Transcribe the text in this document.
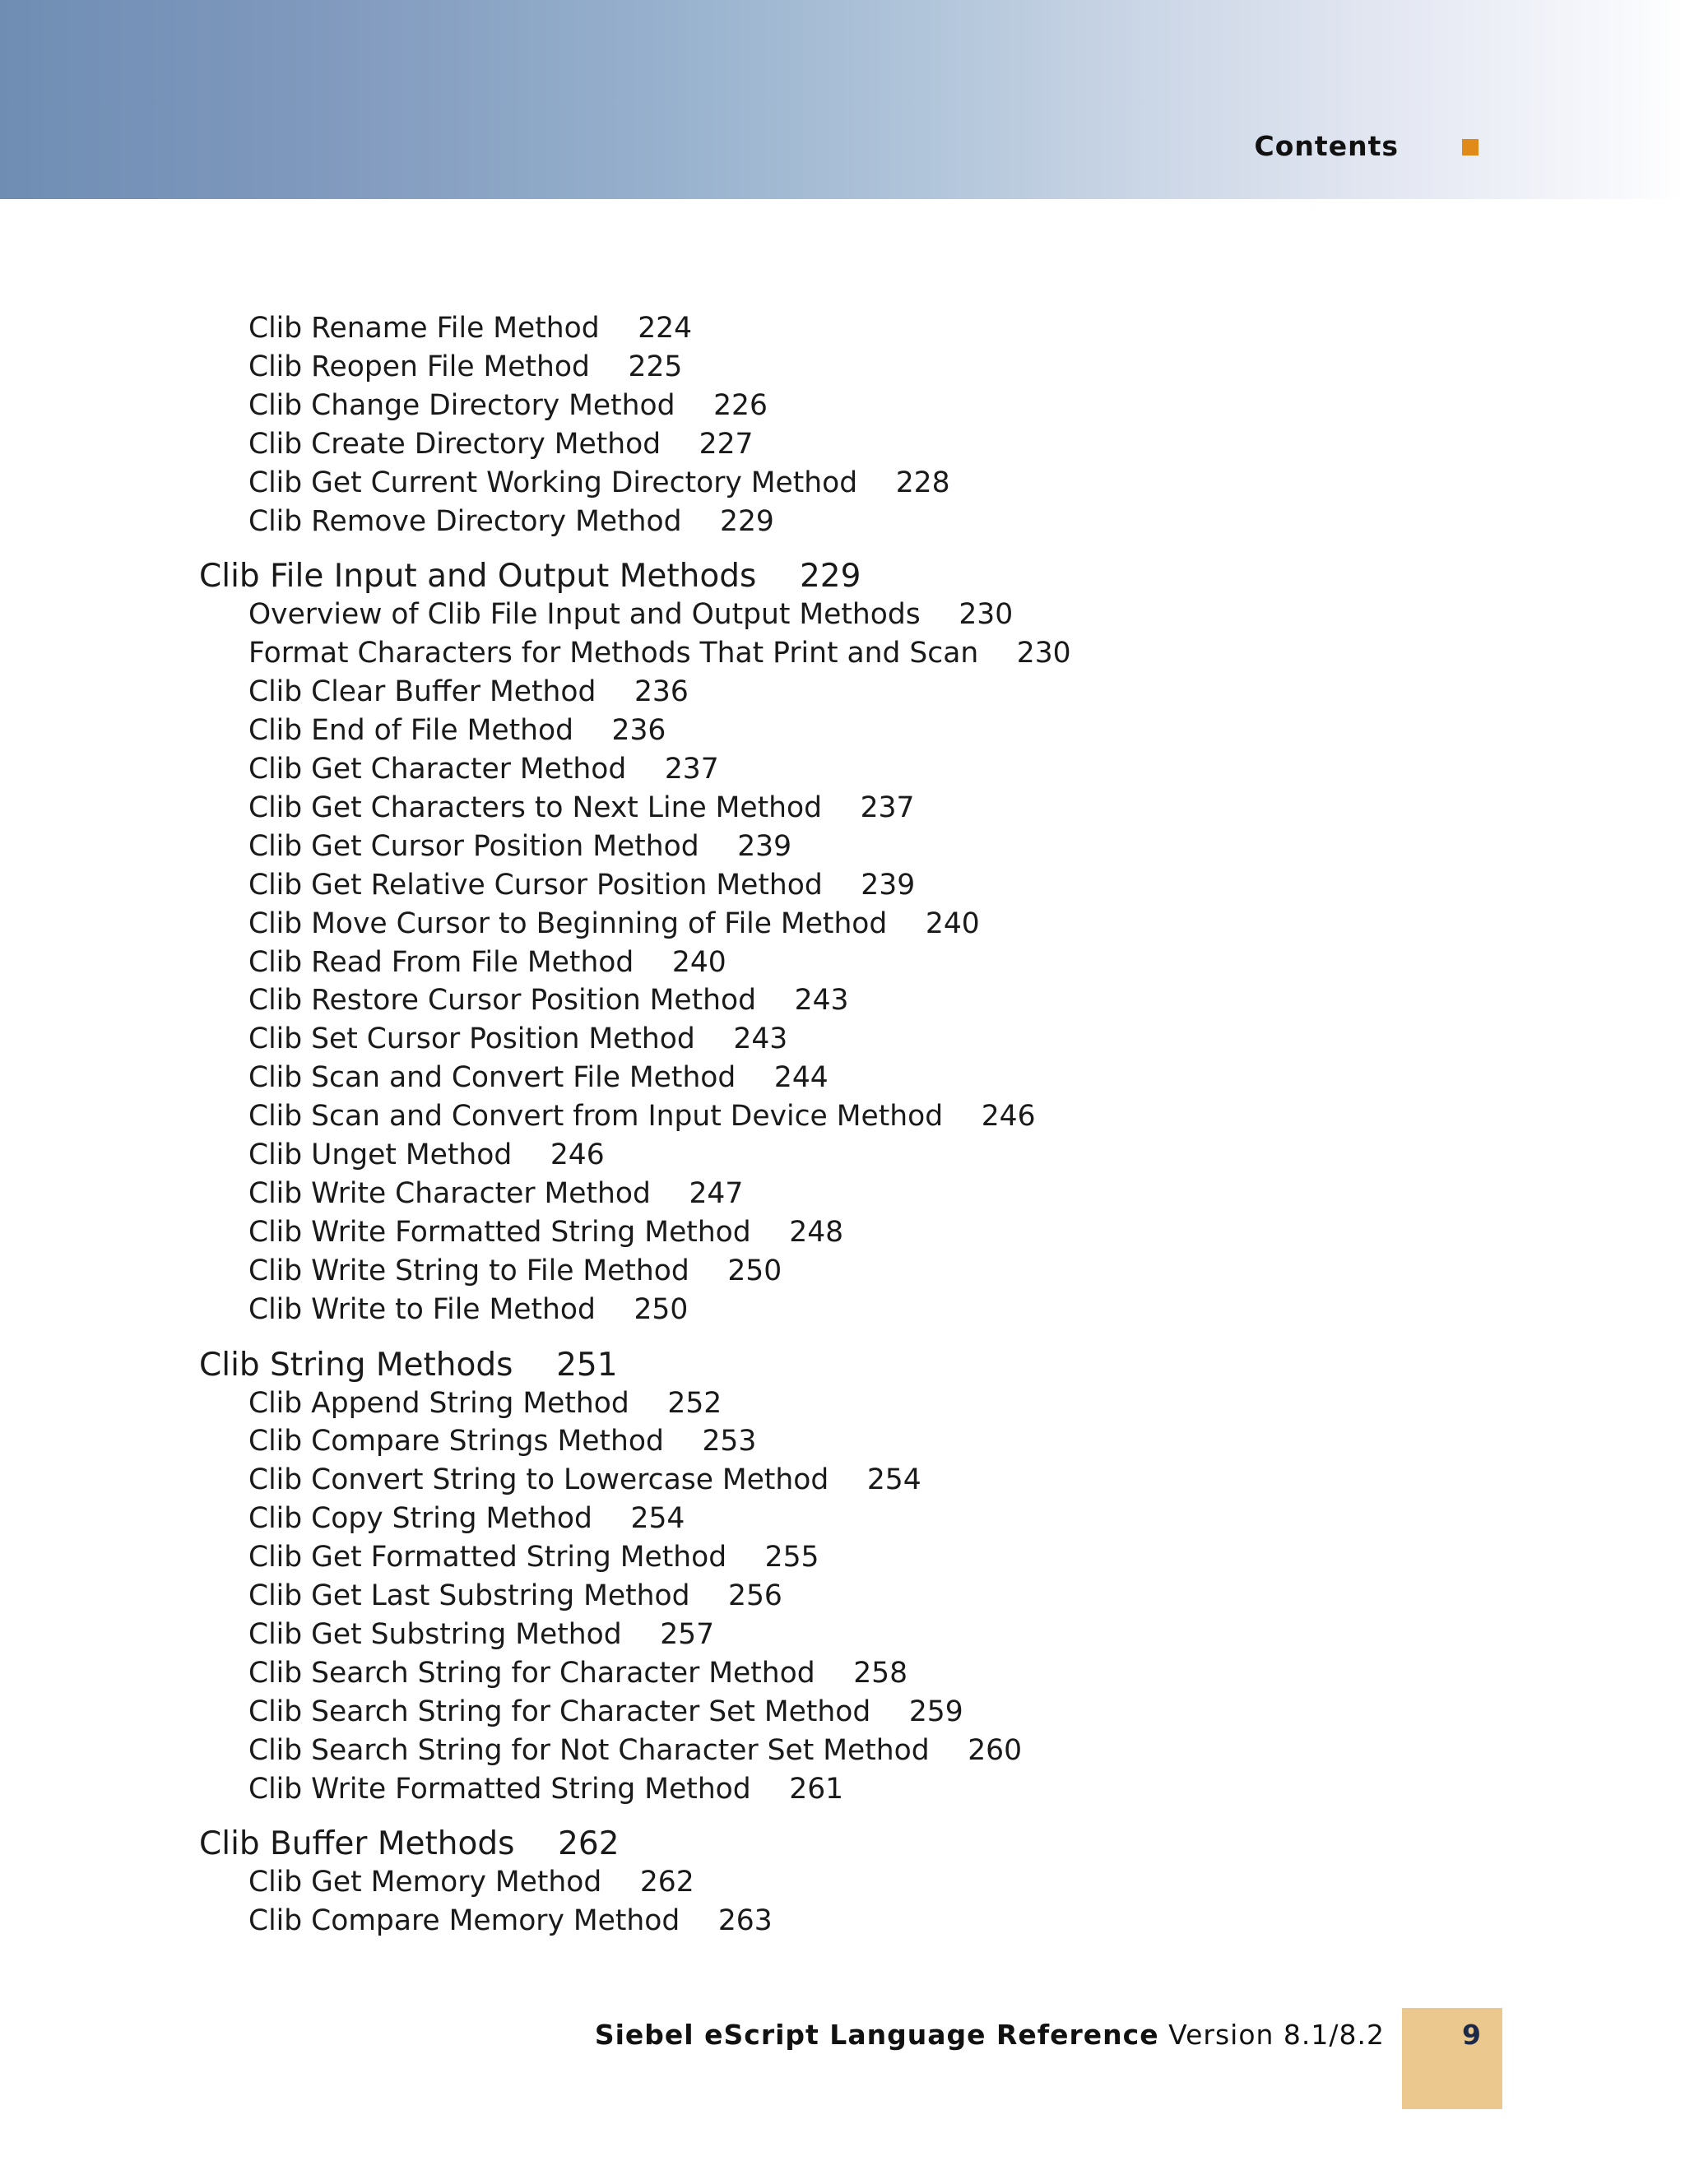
Contents
Clib Rename File Method 224
Clib Reopen File Method 225
Clib Change Directory Method 226
Clib Create Directory Method 227
Clib Get Current Working Directory Method 228
Clib Remove Directory Method 229
Clib File Input and Output Methods 229
Overview of Clib File Input and Output Methods 230
Format Characters for Methods That Print and Scan 230
Clib Clear Buffer Method 236
Clib End of File Method 236
Clib Get Character Method 237
Clib Get Characters to Next Line Method 237
Clib Get Cursor Position Method 239
Clib Get Relative Cursor Position Method 239
Clib Move Cursor to Beginning of File Method 240
Clib Read From File Method 240
Clib Restore Cursor Position Method 243
Clib Set Cursor Position Method 243
Clib Scan and Convert File Method 244
Clib Scan and Convert from Input Device Method 246
Clib Unget Method 246
Clib Write Character Method 247
Clib Write Formatted String Method 248
Clib Write String to File Method 250
Clib Write to File Method 250
Clib String Methods 251
Clib Append String Method 252
Clib Compare Strings Method 253
Clib Convert String to Lowercase Method 254
Clib Copy String Method 254
Clib Get Formatted String Method 255
Clib Get Last Substring Method 256
Clib Get Substring Method 257
Clib Search String for Character Method 258
Clib Search String for Character Set Method 259
Clib Search String for Not Character Set Method 260
Clib Write Formatted String Method 261
Clib Buffer Methods 262
Clib Get Memory Method 262
Clib Compare Memory Method 263
Siebel eScript Language Reference Version 8.1/8.2	9
